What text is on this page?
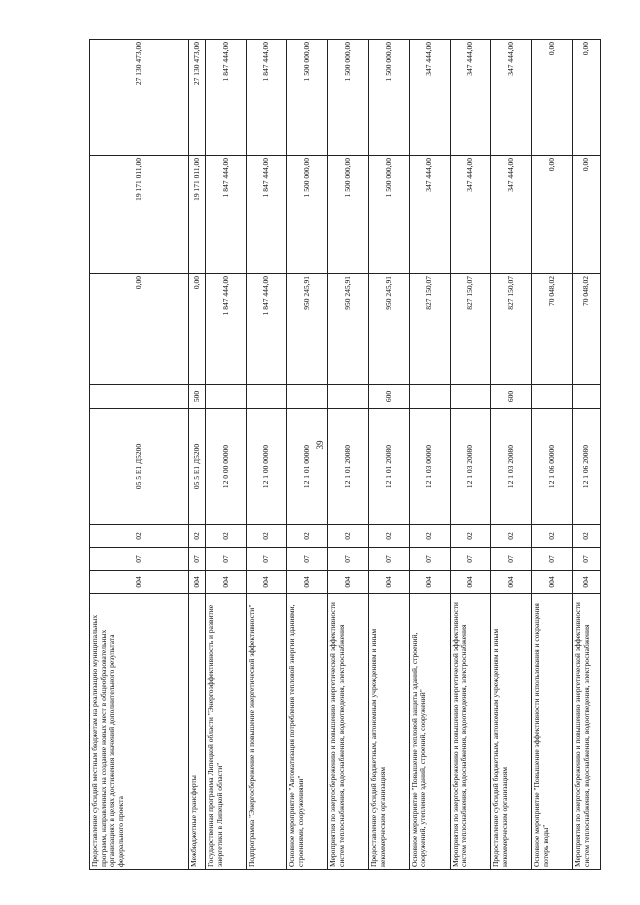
39
Предоставление субсидий местным бюджетам на реализацию муниципальных программ, направленных на создание новых мест в общеобразовательных организациях в целях достижения значений дополнительного результата федерального проекта	004	07	02	05 5 E1 Д5200		0,00	19 171 011,00	27 130 473,00
Межбюджетные трансферты	004	07	02	05 5 E1 Д5200	500	0,00	19 171 011,00	27 130 473,00
Государственная программа Липецкой области "Энергоэффективность и развитие энергетики в Липецкой области"	004	07	02	12 0 00 00000		1 847 444,00	1 847 444,00	1 847 444,00
Подпрограмма "Энергосбережение и повышение энергетической эффективности"	004	07	02	12 1 00 00000		1 847 444,00	1 847 444,00	1 847 444,00
Основное мероприятие "Автоматизация потребления тепловой энергии зданиями, строениями, сооружениями"	004	07	02	12 1 01 00000		950 245,91	1 500 000,00	1 500 000,00
Мероприятия по энергосбережению и повышению энергетической эффективности систем теплоснабжения, водоснабжения, водоотведения, электроснабжения	004	07	02	12 1 01 20080		950 245,91	1 500 000,00	1 500 000,00
Предоставление субсидий бюджетным, автономным учреждениям и иным некоммерческим организациям	004	07	02	12 1 01 20080	600	950 245,91	1 500 000,00	1 500 000,00
Основное мероприятие "Повышение тепловой защиты зданий, строений, сооружений, утепление зданий, строений, сооружений"	004	07	02	12 1 03 00000		827 150,07	347 444,00	347 444,00
Мероприятия по энергосбережению и повышению энергетической эффективности систем теплоснабжения, водоснабжения, водоотведения, электроснабжения	004	07	02	12 1 03 20080		827 150,07	347 444,00	347 444,00
Предоставление субсидий бюджетным, автономным учреждениям и иным некоммерческим организациям	004	07	02	12 1 03 20080	600	827 150,07	347 444,00	347 444,00
Основное мероприятие "Повышение эффективности использования и сокращения потерь воды"	004	07	02	12 1 06 00000		70 048,02	0,00	0,00
Мероприятия по энергосбережению и повышению энергетической эффективности систем теплоснабжения, водоснабжения, водоотведения, электроснабжения	004	07	02	12 1 06 20080		70 048,02	0,00	0,00
